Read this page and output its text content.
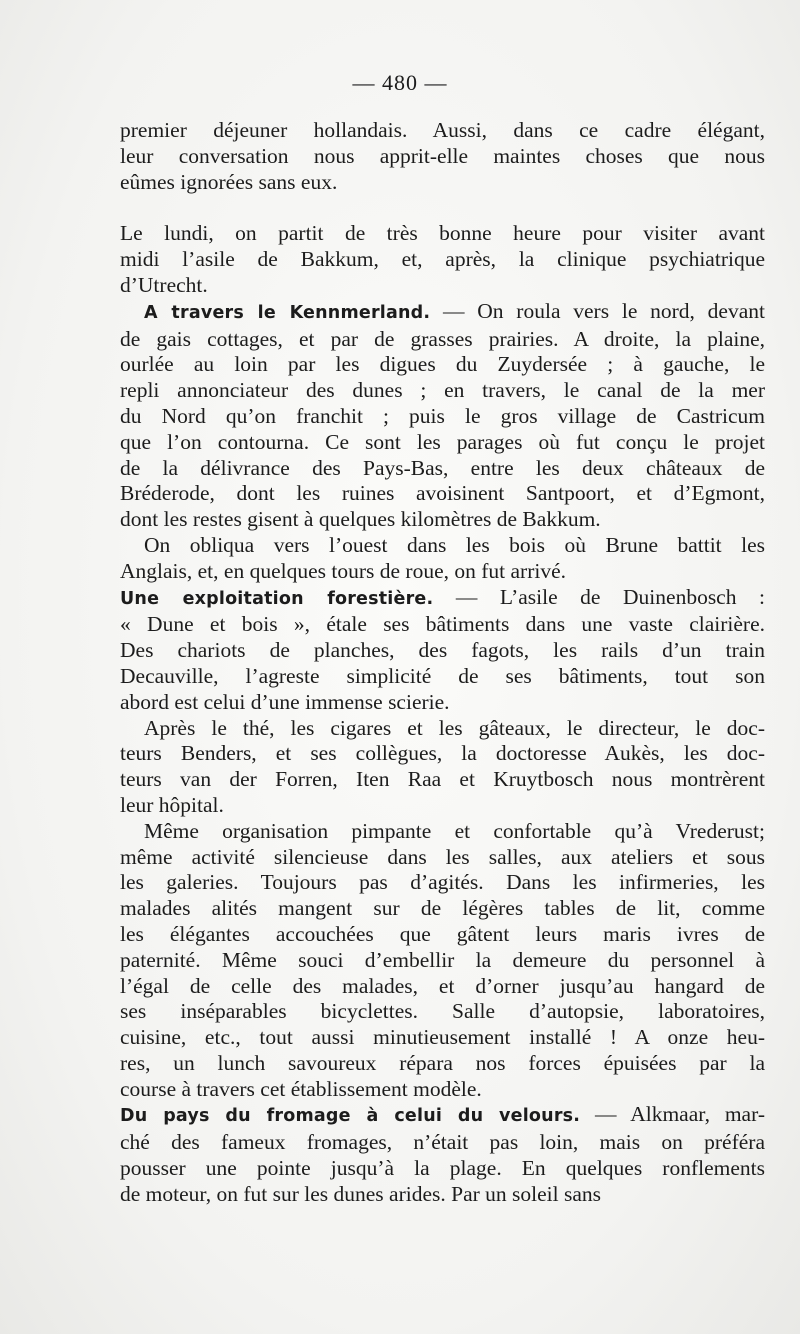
— 480 —

premier déjeuner hollandais. Aussi, dans ce cadre élégant,

leur conversation nous apprit-elle maintes choses que nous

eûmes ignorées sans eux.

Le lundi, on partit de très bonne heure pour visiter avant

midi l’asile de Bakkum, et, après, la clinique psychiatrique

d’Utrecht.

A travers le Kennmerland. — On roula vers le nord, devant

de gais cottages, et par de grasses prairies. A droite, la plaine,

ourlée au loin par les digues du Zuydersée ; à gauche, le

repli annonciateur des dunes ; en travers, le canal de la mer

du Nord qu’on franchit ; puis le gros village de Castricum

que l’on contourna. Ce sont les parages où fut conçu le projet

de la délivrance des Pays-Bas, entre les deux châteaux de

Bréderode, dont les ruines avoisinent Santpoort, et d’Egmont,

dont les restes gisent à quelques kilomètres de Bakkum.

On obliqua vers l’ouest dans les bois où Brune battit les

Anglais, et, en quelques tours de roue, on fut arrivé.

Une exploitation forestière. — L’asile de Duinenbosch :

« Dune et bois », étale ses bâtiments dans une vaste clairière.

Des chariots de planches, des fagots, les rails d’un train

Decauville, l’agreste simplicité de ses bâtiments, tout son

abord est celui d’une immense scierie.

Après le thé, les cigares et les gâteaux, le directeur, le doc-

teurs Benders, et ses collègues, la doctoresse Aukès, les doc-

teurs van der Forren, Iten Raa et Kruytbosch nous montrèrent

leur hôpital.

Même organisation pimpante et confortable qu’à Vrederust;

même activité silencieuse dans les salles, aux ateliers et sous

les galeries. Toujours pas d’agités. Dans les infirmeries, les

malades alités mangent sur de légères tables de lit, comme

les élégantes accouchées que gâtent leurs maris ivres de

paternité. Même souci d’embellir la demeure du personnel à

l’égal de celle des malades, et d’orner jusqu’au hangard de

ses inséparables bicyclettes. Salle d’autopsie, laboratoires,

cuisine, etc., tout aussi minutieusement installé ! A onze heu-

res, un lunch savoureux répara nos forces épuisées par la

course à travers cet établissement modèle.

Du pays du fromage à celui du velours. — Alkmaar, mar-

ché des fameux fromages, n’était pas loin, mais on préféra

pousser une pointe jusqu’à la plage. En quelques ronflements

de moteur, on fut sur les dunes arides. Par un soleil sans
